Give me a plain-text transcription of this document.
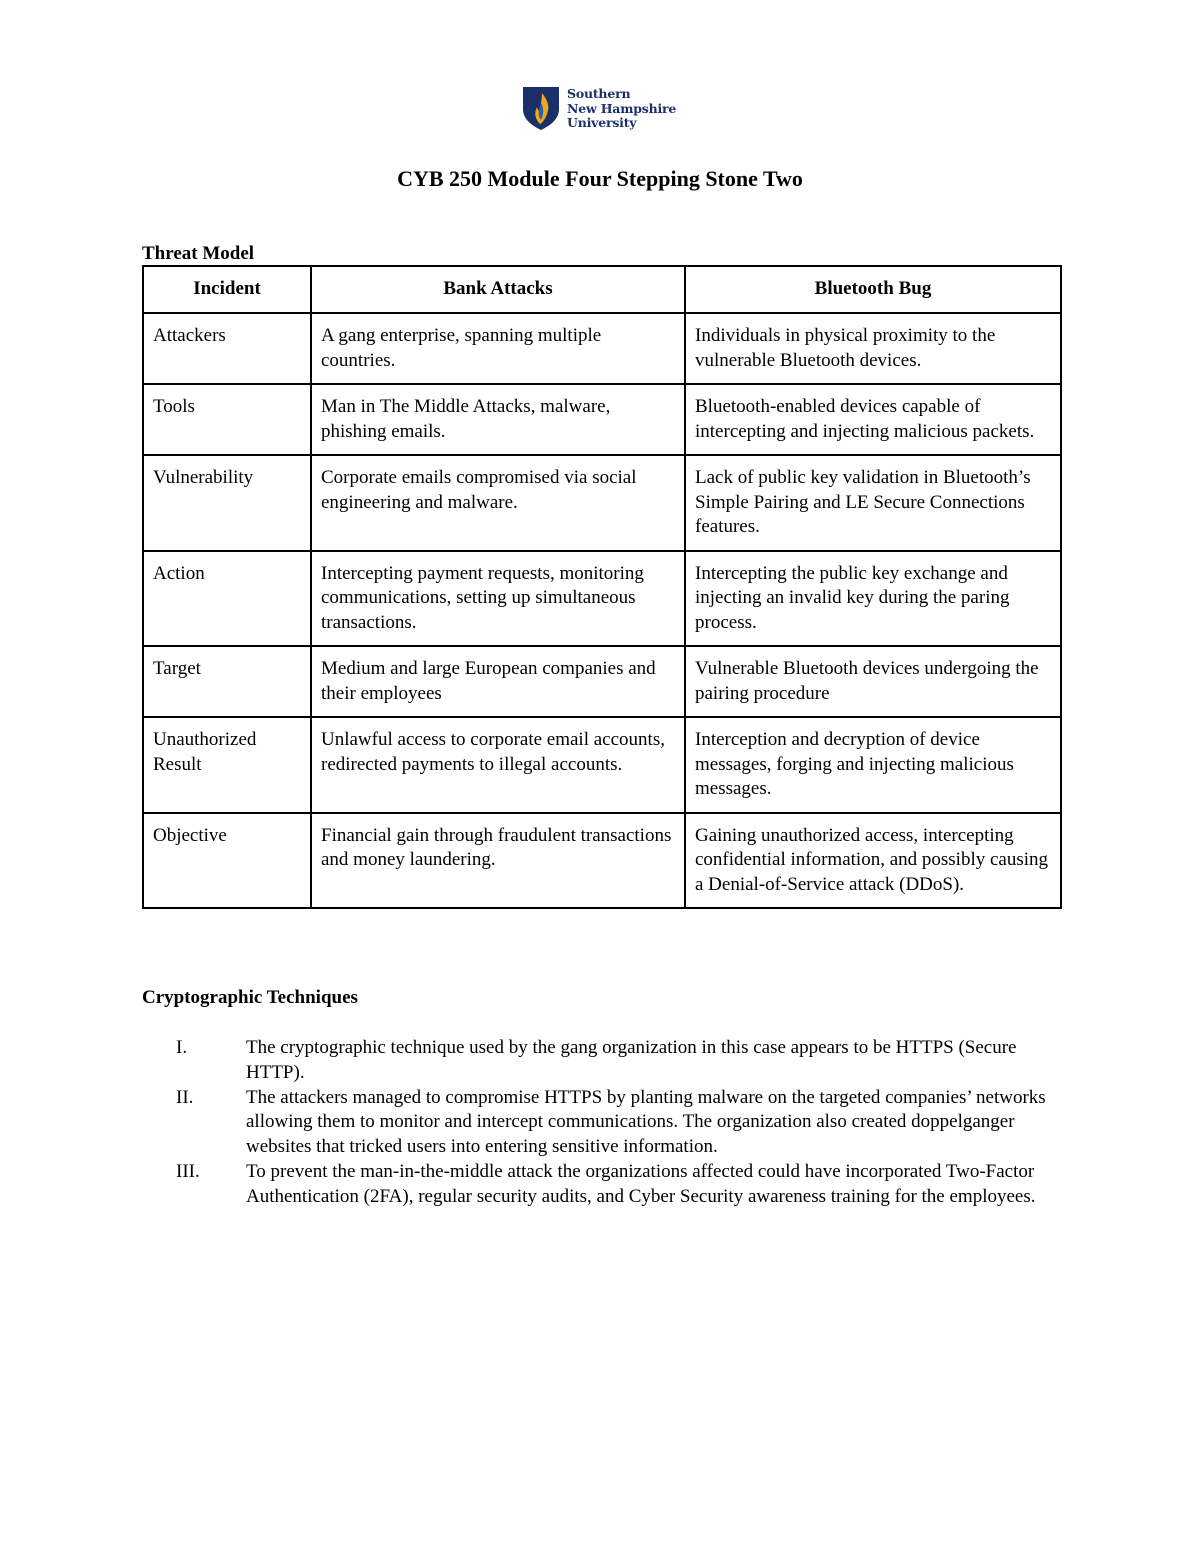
Southern
New Hampshire
University
CYB 250 Module Four Stepping Stone Two
Threat Model
Incident	Bank Attacks	Bluetooth Bug
Attackers	A gang enterprise, spanning multiple countries.	Individuals in physical proximity to the vulnerable Bluetooth devices.
Tools	Man in The Middle Attacks, malware, phishing emails.	Bluetooth-enabled devices capable of intercepting and injecting malicious packets.
Vulnerability	Corporate emails compromised via social engineering and malware.	Lack of public key validation in Bluetooth’s Simple Pairing and LE Secure Connections features.
Action	Intercepting payment requests, monitoring communications, setting up simultaneous transactions.	Intercepting the public key exchange and injecting an invalid key during the paring process.
Target	Medium and large European companies and their employees	Vulnerable Bluetooth devices undergoing the pairing procedure
Unauthorized Result	Unlawful access to corporate email accounts, redirected payments to illegal accounts.	Interception and decryption of device messages, forging and injecting malicious messages.
Objective	Financial gain through fraudulent transactions and money laundering.	Gaining unauthorized access, intercepting confidential information, and possibly causing a Denial-of-Service attack (DDoS).
Cryptographic Techniques
I.	The cryptographic technique used by the gang organization in this case appears to be HTTPS (Secure HTTP).
II.	The attackers managed to compromise HTTPS by planting malware on the targeted companies’ networks allowing them to monitor and intercept communications. The organization also created doppelganger websites that tricked users into entering sensitive information.
III. To prevent the man-in-the-middle attack the organizations affected could have incorporated Two-Factor Authentication (2FA), regular security audits, and Cyber Security awareness training for the employees.
